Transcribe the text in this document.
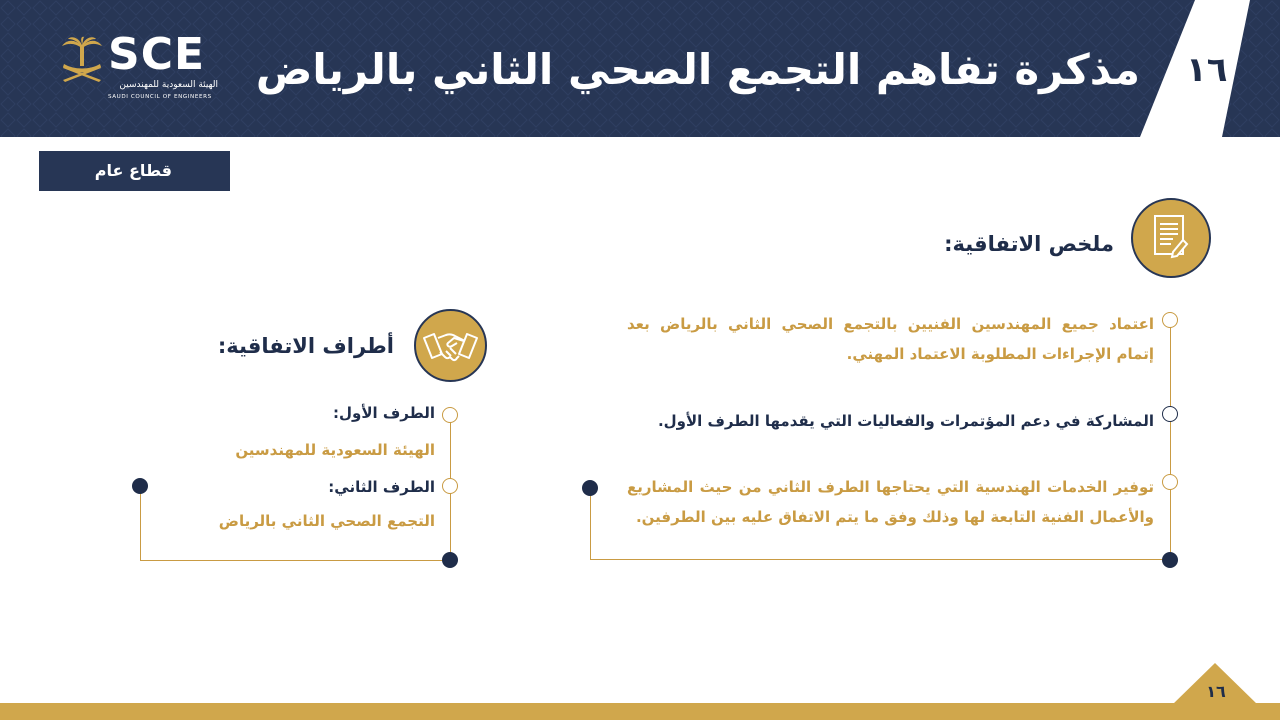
SCE
الهيئة السعودية للمهندسين
SAUDI COUNCIL OF ENGINEERS
مذكرة تفاهم التجمع الصحي الثاني بالرياض ١٦
قطاع عام
ملخص الاتفاقية:
اعتماد جميع المهندسين الفنيين بالتجمع الصحي الثاني بالرياض بعد إتمام الإجراءات المطلوبة الاعتماد المهني.
المشاركة في دعم المؤتمرات والفعاليات التي يقدمها الطرف الأول.
توفير الخدمات الهندسية التي يحتاجها الطرف الثاني من حيث المشاريع والأعمال الفنية التابعة لها وذلك وفق ما يتم الاتفاق عليه بين الطرفين.
أطراف الاتفاقية:
الطرف الأول:
الهيئة السعودية للمهندسين
الطرف الثاني:
التجمع الصحي الثاني بالرياض
١٦
